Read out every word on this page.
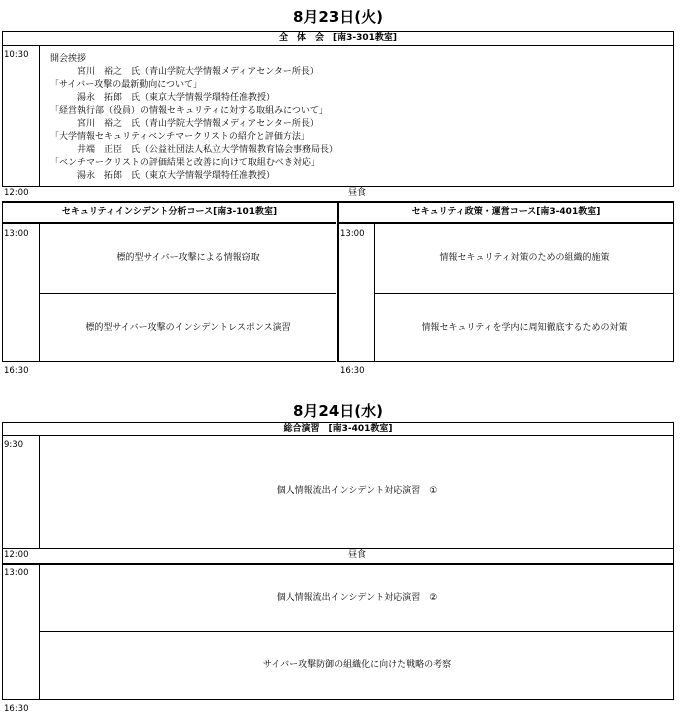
8月23日(火)
全　体　会　[南3-301教室]
10:30 開会挨拶
　　　宮川　裕之　氏（青山学院大学情報メディアセンター所長）
「サイバー攻撃の最新動向について」
　　　湯永　拓郎　氏（東京大学情報学環特任准教授）
「経営執行部（役員）の情報セキュリティに対する取組みについて」
　　　宮川　裕之　氏（青山学院大学情報メディアセンター所長）
「大学情報セキュリティベンチマークリストの紹介と評価方法」
　　　井端　正臣　氏（公益社団法人私立大学情報教育協会事務局長）
「ベンチマークリストの評価結果と改善に向けて取組むべき対応」
　　　湯永　拓郎　氏（東京大学情報学環特任准教授）
12:00	昼食
セキュリティインシデント分析コース[南3-101教室]
13:00
標的型サイバー攻撃による情報窃取
標的型サイバー攻撃のインシデントレスポンス演習
16:30
セキュリティ政策・運営コース[南3-401教室]
13:00
情報セキュリティ対策のための組織的施策
情報セキュリティを学内に周知徹底するための対策
16:30
8月24日(水)
総合演習　[南3-401教室]
9:30
個人情報流出インシデント対応演習　①
12:00	昼食
13:00
個人情報流出インシデント対応演習　②
サイバー攻撃防御の組織化に向けた戦略の考察
16:30
